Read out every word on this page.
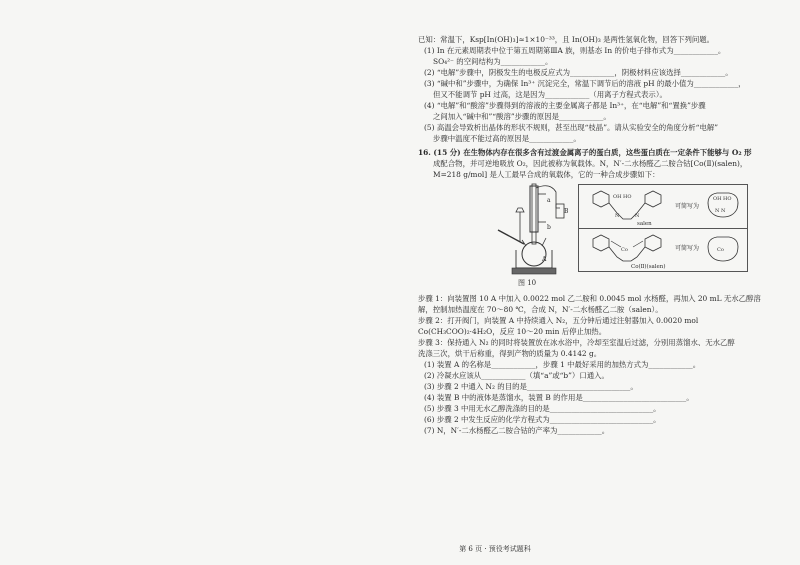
已知：常温下，Ksp[In(OH)₃]≈1×10⁻³³，且 In(OH)₃ 是两性氢氧化物，回答下列问题。
(1) In 在元素周期表中位于第五周期第ⅢA 族，则基态 In 的价电子排布式为____________。
SO₄²⁻ 的空间结构为____________。
(2) “电解”步骤中，阴极发生的电极反应式为____________，阴极材料应该选择____________。
(3) “碱中和”步骤中，为确保 In³⁺ 沉淀完全，常温下调节后的溶液 pH 的最小值为____________，
但又不能调节 pH 过高，这是因为____________（用离子方程式表示）。
(4) “电解”和“酸溶”步骤得到的溶液的主要金属离子都是 In³⁺，在“电解”和“置换”步骤
之间加入“碱中和”“酸溶”步骤的原因是____________。
(5) 高温会导致析出晶体的形状不规则，甚至出现“枝晶”。请从实验安全的角度分析“电解”
步骤中温度不能过高的原因是____________。
16. (15 分) 在生物体内存在很多含有过渡金属离子的蛋白质，这些蛋白质在一定条件下能够与 O₂ 形
成配合物，并可逆地吸放 O₂，因此被称为氧载体。N，N′-二水杨醛乙二胺合钴[Co(Ⅱ)(salen)，
M=218 g/mol] 是人工最早合成的氧载体，它的一种合成步骤如下：
a
b
B
A
图 10
OH HO
N	N
可简写为
OH HO
N N
salen
Co	可简写为	Co
Co(Ⅱ)(salen)
步骤 1：向装置图 10 A 中加入 0.0022 mol 乙二胺和 0.0045 mol 水杨醛，再加入 20 mL 无水乙醇溶
解，控制加热温度在 70～80 ℃，合成 N，N′-二水杨醛乙二胺（salen）。
步骤 2：打开阀门，向装置 A 中持续通入 N₂，五分钟后通过注射器加入 0.0020 mol
Co(CH₃COO)₂·4H₂O，反应 10～20 min 后停止加热。
步骤 3：保持通入 N₂ 的同时将装置放在冰水浴中，冷却至室温后过滤，分别用蒸馏水、无水乙醇
洗涤三次，烘干后称重，得到产物的质量为 0.4142 g。
(1) 装置 A 的名称是____________，步骤 1 中最好采用的加热方式为____________。
(2) 冷凝水应该从____________（填“a”或“b”）口通入。
(3) 步骤 2 中通入 N₂ 的目的是____________________________。
(4) 装置 B 中的液体是蒸馏水，装置 B 的作用是____________________________。
(5) 步骤 3 中用无水乙醇洗涤的目的是____________________________。
(6) 步骤 2 中发生反应的化学方程式为____________________________。
(7) N，N′-二水杨醛乙二胺合钴的产率为____________。
第 6 页 · 预役考试题科
